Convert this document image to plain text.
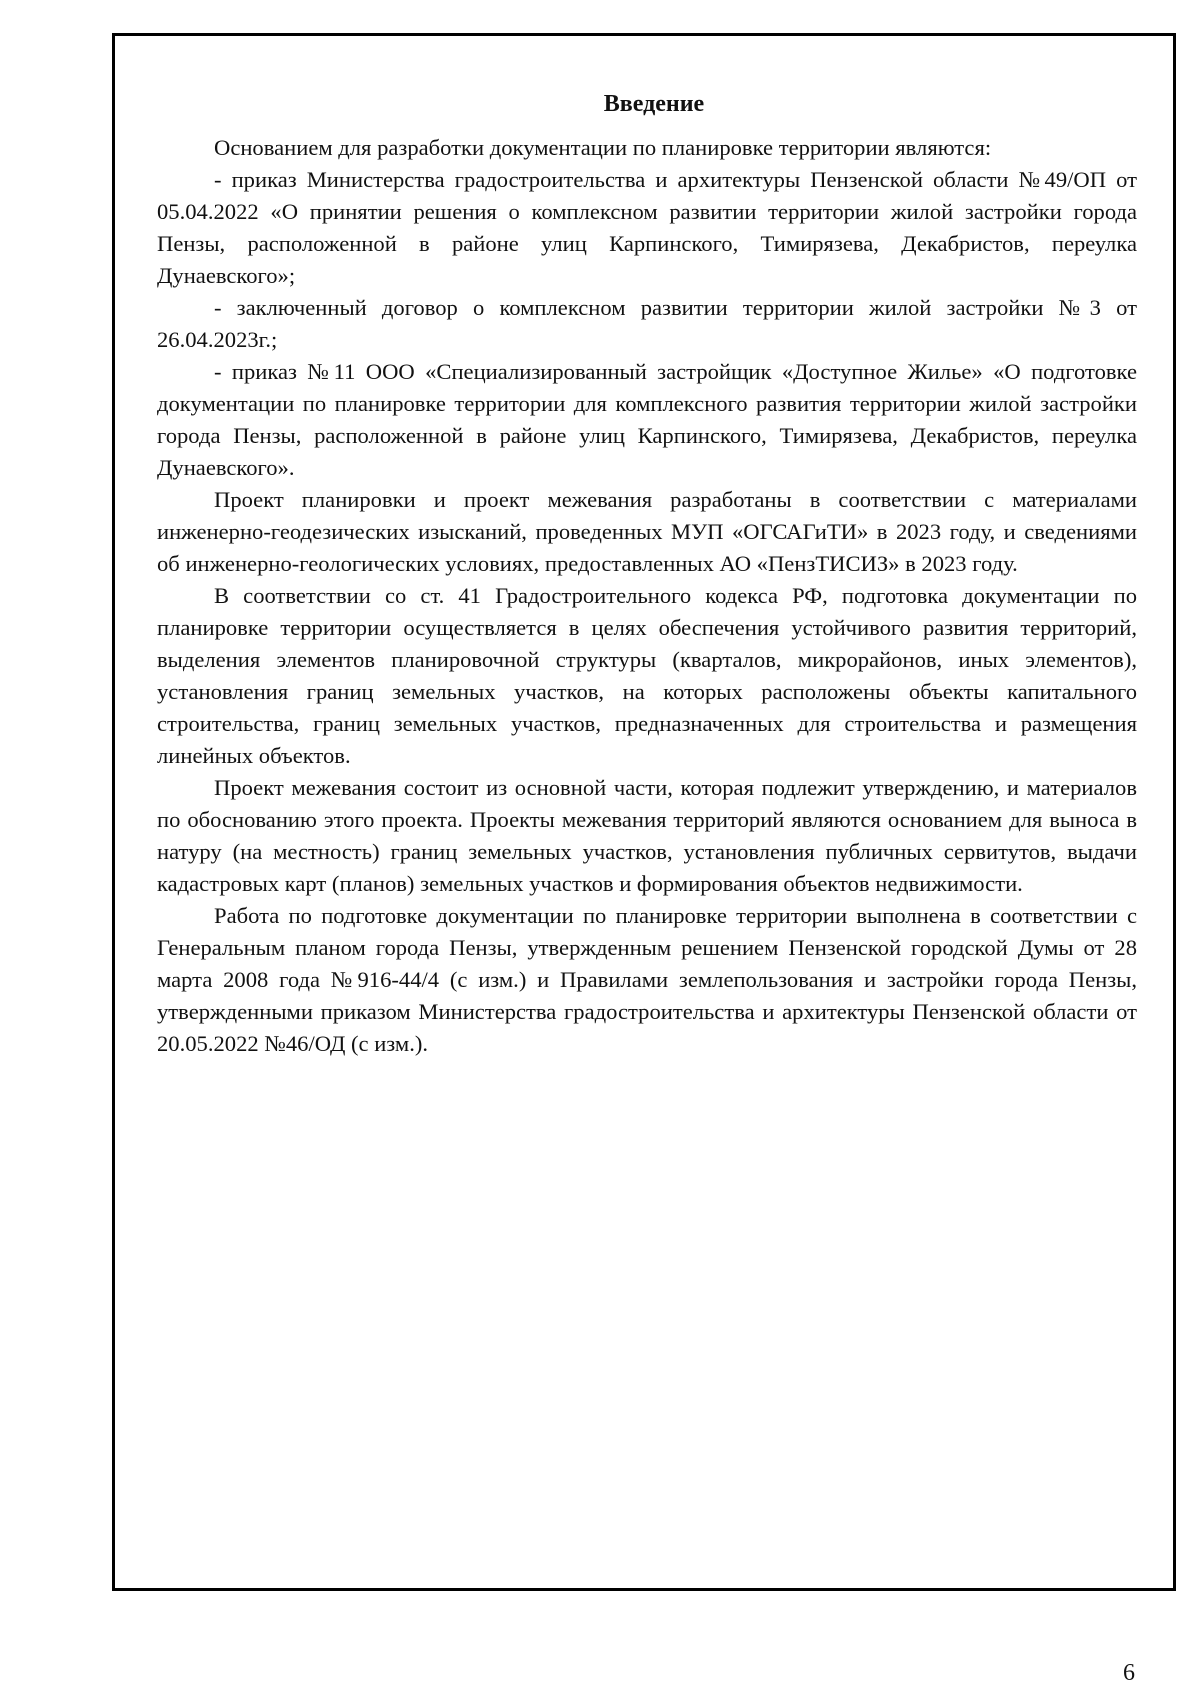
Введение

Основанием для разработки документации по планировке территории являются:

- приказ Министерства градостроительства и архитектуры Пензенской области №49/ОП от 05.04.2022 «О принятии решения о комплексном развитии территории жилой застройки города Пензы, расположенной в районе улиц Карпинского, Тимирязева, Декабристов, переулка Дунаевского»;

- заключенный договор о комплексном развитии территории жилой застройки №3 от 26.04.2023г.;

- приказ №11 ООО «Специализированный застройщик «Доступное Жилье» «О подготовке документации по планировке территории для комплексного развития территории жилой застройки города Пензы, расположенной в районе улиц Карпинского, Тимирязева, Декабристов, переулка Дунаевского».

Проект планировки и проект межевания разработаны в соответствии с материалами инженерно-геодезических изысканий, проведенных МУП «ОГСАГиТИ» в 2023 году, и сведениями об инженерно-геологических условиях, предоставленных АО «ПензТИСИЗ» в 2023 году.

В соответствии со ст. 41 Градостроительного кодекса РФ, подготовка документации по планировке территории осуществляется в целях обеспечения устойчивого развития территорий, выделения элементов планировочной структуры (кварталов, микрорайонов, иных элементов), установления границ земельных участков, на которых расположены объекты капитального строительства, границ земельных участков, предназначенных для строительства и размещения линейных объектов.

Проект межевания состоит из основной части, которая подлежит утверждению, и материалов по обоснованию этого проекта. Проекты межевания территорий являются основанием для выноса в натуру (на местность) границ земельных участков, установления публичных сервитутов, выдачи кадастровых карт (планов) земельных участков и формирования объектов недвижимости.

Работа по подготовке документации по планировке территории выполнена в соответствии с Генеральным планом города Пензы, утвержденным решением Пензенской городской Думы от 28 марта 2008 года №916-44/4 (с изм.) и Правилами землепользования и застройки города Пензы, утвержденными приказом Министерства градостроительства и архитектуры Пензенской области от 20.05.2022 №46/ОД (с изм.).

6
